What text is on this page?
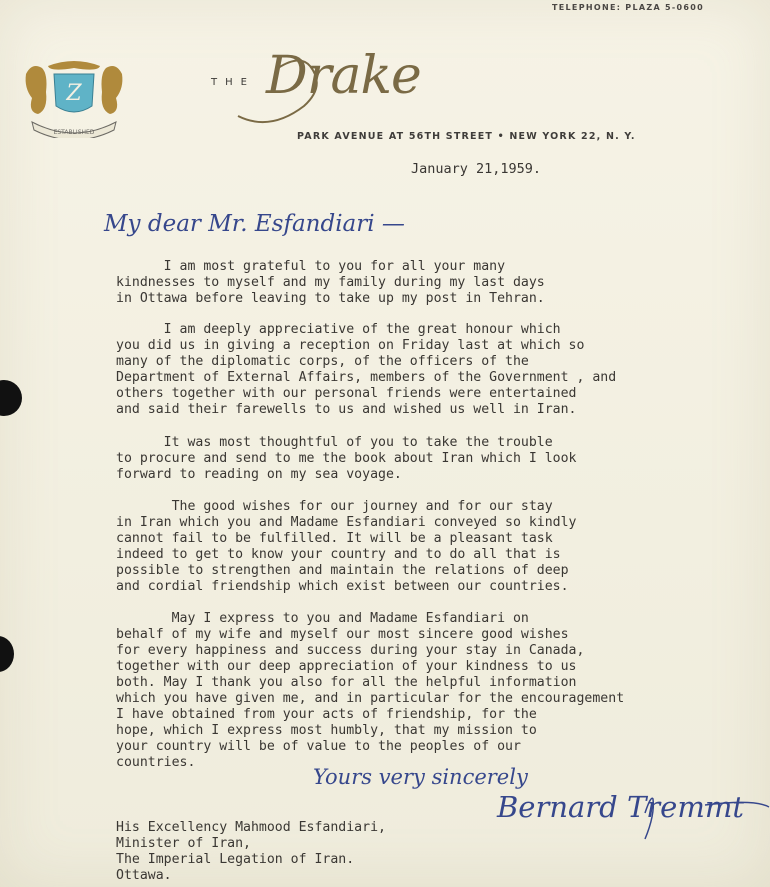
TELEPHONE: PLAZA 5-0600
ESTABLISHED
Z	THE Drake
PARK AVENUE AT 56TH STREET • NEW YORK 22, N. Y.
January 21,1959.
My dear Mr. Esfandiari —

I am most grateful to you for all your many
kindnesses to myself and my family during my last days
in Ottawa before leaving to take up my post in Tehran.

I am deeply appreciative of the great honour which
you did us in giving a reception on Friday last at which so
many of the diplomatic corps, of the officers of the
Department of External Affairs, members of the Government , and
others together with our personal friends were entertained
and said their farewells to us and wished us well in Iran.

It was most thoughtful of you to take the trouble
to procure and send to me the book about Iran which I look
forward to reading on my sea voyage.

The good wishes for our journey and for our stay
in Iran which you and Madame Esfandiari conveyed so kindly
cannot fail to be fulfilled. It will be a pleasant task
indeed to get to know your country and to do all that is
possible to strengthen and maintain the relations of deep
and cordial friendship which exist between our countries.

May I express to you and Madame Esfandiari on
behalf of my wife and myself our most sincere good wishes
for every happiness and success during your stay in Canada,
together with our deep appreciation of your kindness to us
both. May I thank you also for all the helpful information
which you have given me, and in particular for the encouragement
I have obtained from your acts of friendship, for the
hope, which I express most humbly, that my mission to
your country will be of value to the peoples of our
countries.

Yours very sincerely
Bernard Tremmt
His Excellency Mahmood Esfandiari,
Minister of Iran,
The Imperial Legation of Iran.
Ottawa.
